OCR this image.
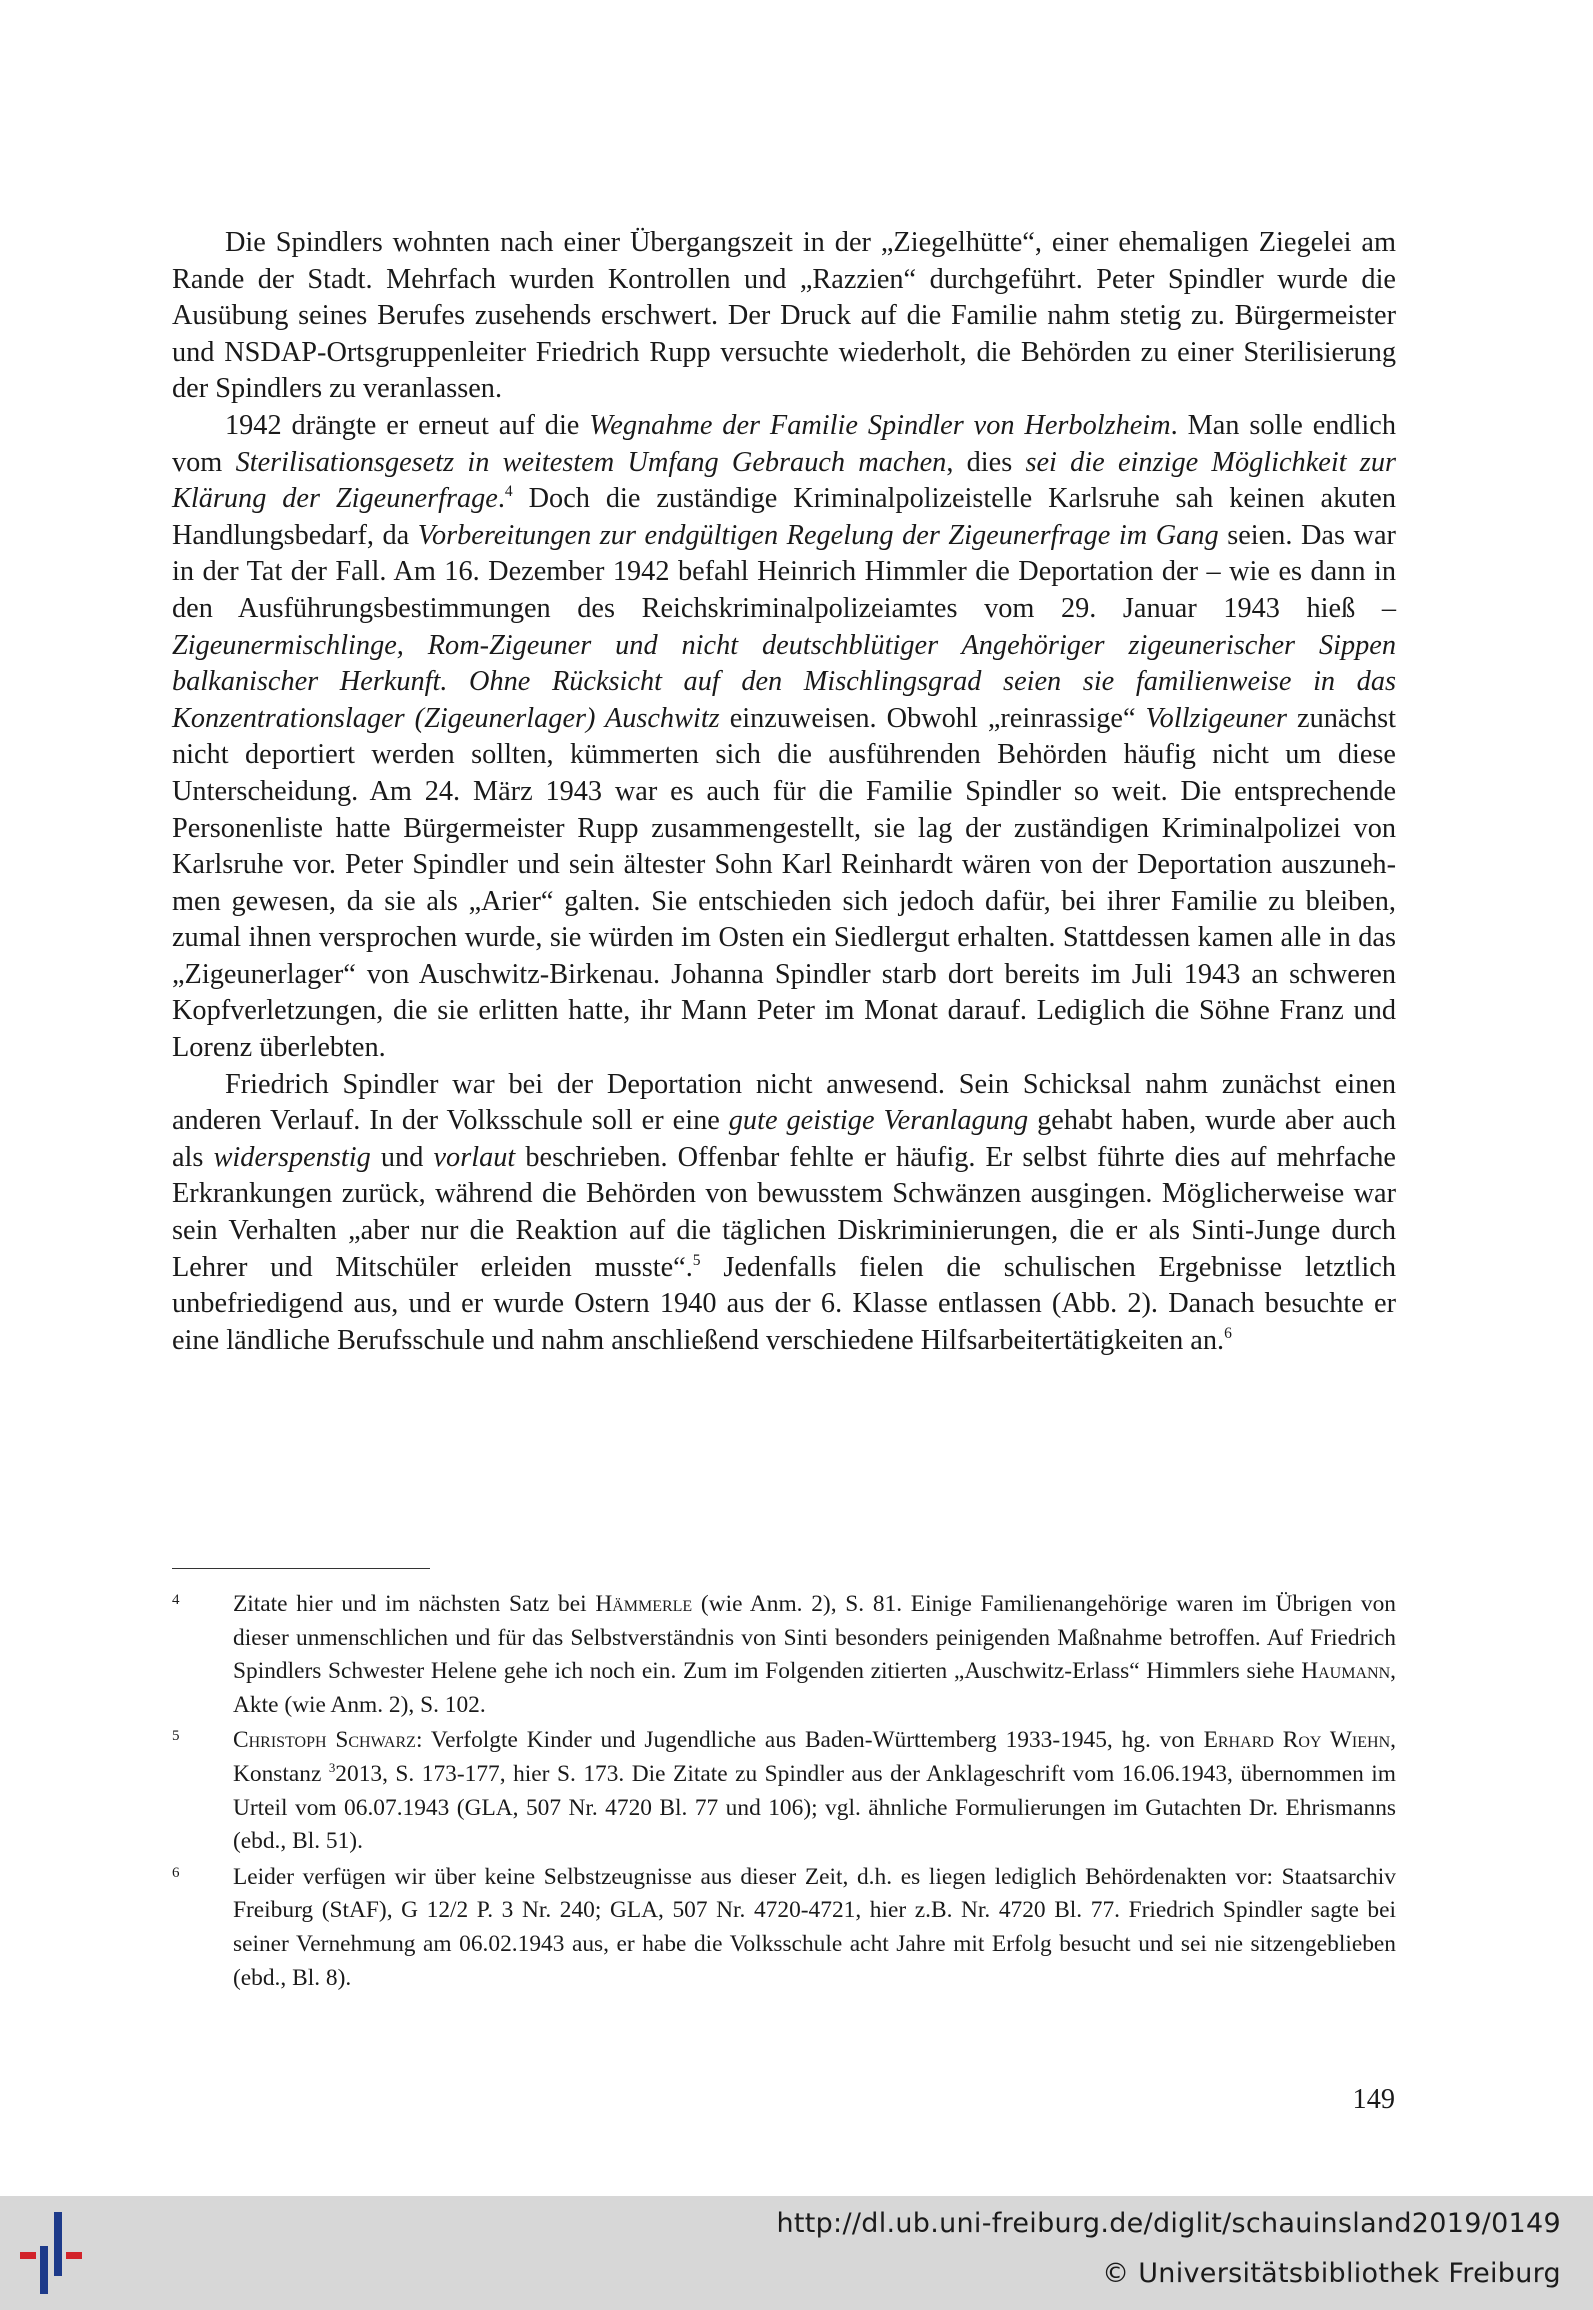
Die Spindlers wohnten nach einer Übergangszeit in der „Ziegelhütte“, einer ehemaligen Ziegelei am Rande der Stadt. Mehrfach wurden Kontrollen und „Razzien“ durchgeführt. Peter Spindler wurde die Ausübung seines Berufes zusehends erschwert. Der Druck auf die Familie nahm stetig zu. Bürgermeister und NSDAP-Ortsgruppenleiter Friedrich Rupp versuchte wiederholt, die Behörden zu einer Sterilisierung der Spindlers zu veranlassen.

1942 drängte er erneut auf die Wegnahme der Familie Spindler von Herbolzheim. Man solle endlich vom Sterilisationsgesetz in weitestem Umfang Gebrauch machen, dies sei die einzige Möglichkeit zur Klärung der Zigeunerfrage.$^4$ Doch die zuständige Kriminalpolizeistelle Karlsruhe sah keinen akuten Handlungsbedarf, da Vorbereitungen zur endgültigen Regelung der Zigeunerfrage im Gang seien. Das war in der Tat der Fall. Am 16. Dezember 1942 befahl Heinrich Himmler die Deportation der – wie es dann in den Ausführungsbestimmungen des Reichskriminalpolizeiamtes vom 29. Januar 1943 hieß – Zigeunermischlinge, Rom-Zigeuner und nicht deutschblütiger Angehöriger zigeunerischer Sippen balkanischer Herkunft. Ohne Rücksicht auf den Mischlingsgrad seien sie familienweise in das Konzentrationslager (Zigeunerlager) Auschwitz einzuweisen. Obwohl „reinrassige“ Vollzigeuner zunächst nicht deportiert werden sollten, kümmerten sich die ausführenden Behörden häufig nicht um diese Unterscheidung. Am 24. März 1943 war es auch für die Familie Spindler so weit. Die entsprechende Personenliste hatte Bürgermeister Rupp zusammengestellt, sie lag der zuständigen Kriminalpolizei von Karlsruhe vor. Peter Spindler und sein ältester Sohn Karl Reinhardt wären von der Deportation auszunehmen gewesen, da sie als „Arier“ galten. Sie entschieden sich jedoch dafür, bei ihrer Familie zu bleiben, zumal ihnen versprochen wurde, sie würden im Osten ein Siedlergut erhalten. Stattdessen kamen alle in das „Zigeunerlager“ von Auschwitz-Birkenau. Johanna Spindler starb dort bereits im Juli 1943 an schweren Kopfverletzungen, die sie erlitten hatte, ihr Mann Peter im Monat darauf. Lediglich die Söhne Franz und Lorenz überlebten.

Friedrich Spindler war bei der Deportation nicht anwesend. Sein Schicksal nahm zunächst einen anderen Verlauf. In der Volksschule soll er eine gute geistige Veranlagung gehabt haben, wurde aber auch als widerspenstig und vorlaut beschrieben. Offenbar fehlte er häufig. Er selbst führte dies auf mehrfache Erkrankungen zurück, während die Behörden von bewusstem Schwänzen ausgingen. Möglicherweise war sein Verhalten „aber nur die Reaktion auf die täglichen Diskriminierungen, die er als Sinti-Junge durch Lehrer und Mitschüler erleiden musste“.$^5$ Jedenfalls fielen die schulischen Ergebnisse letztlich unbefriedigend aus, und er wurde Ostern 1940 aus der 6. Klasse entlassen (Abb. 2). Danach besuchte er eine ländliche Berufsschule und nahm anschließend verschiedene Hilfsarbeitertätigkeiten an.$^6$

4 Zitate hier und im nächsten Satz bei Hämmerle (wie Anm. 2), S. 81. Einige Familienangehörige waren im Übrigen von dieser unmenschlichen und für das Selbstverständnis von Sinti besonders peinigenden Maßnahme betroffen. Auf Friedrich Spindlers Schwester Helene gehe ich noch ein. Zum im Folgenden zitierten „Auschwitz-Erlass“ Himmlers siehe Haumann, Akte (wie Anm. 2), S. 102.
5 Christoph Schwarz: Verfolgte Kinder und Jugendliche aus Baden-Württemberg 1933-1945, hg. von Erhard Roy Wiehn, Konstanz $^3$2013, S. 173-177, hier S. 173. Die Zitate zu Spindler aus der Anklageschrift vom 16.06.1943, übernommen im Urteil vom 06.07.1943 (GLA, 507 Nr. 4720 Bl. 77 und 106); vgl. ähnliche Formulierungen im Gutachten Dr. Ehrismanns (ebd., Bl. 51).
6 Leider verfügen wir über keine Selbstzeugnisse aus dieser Zeit, d.h. es liegen lediglich Behördenakten vor: Staatsarchiv Freiburg (StAF), G 12/2 P. 3 Nr. 240; GLA, 507 Nr. 4720-4721, hier z.B. Nr. 4720 Bl. 77. Friedrich Spindler sagte bei seiner Vernehmung am 06.02.1943 aus, er habe die Volksschule acht Jahre mit Erfolg besucht und sei nie sitzengeblieben (ebd., Bl. 8).
149
http://dl.ub.uni-freiburg.de/diglit/schauinsland2019/0149
© Universitätsbibliothek Freiburg
